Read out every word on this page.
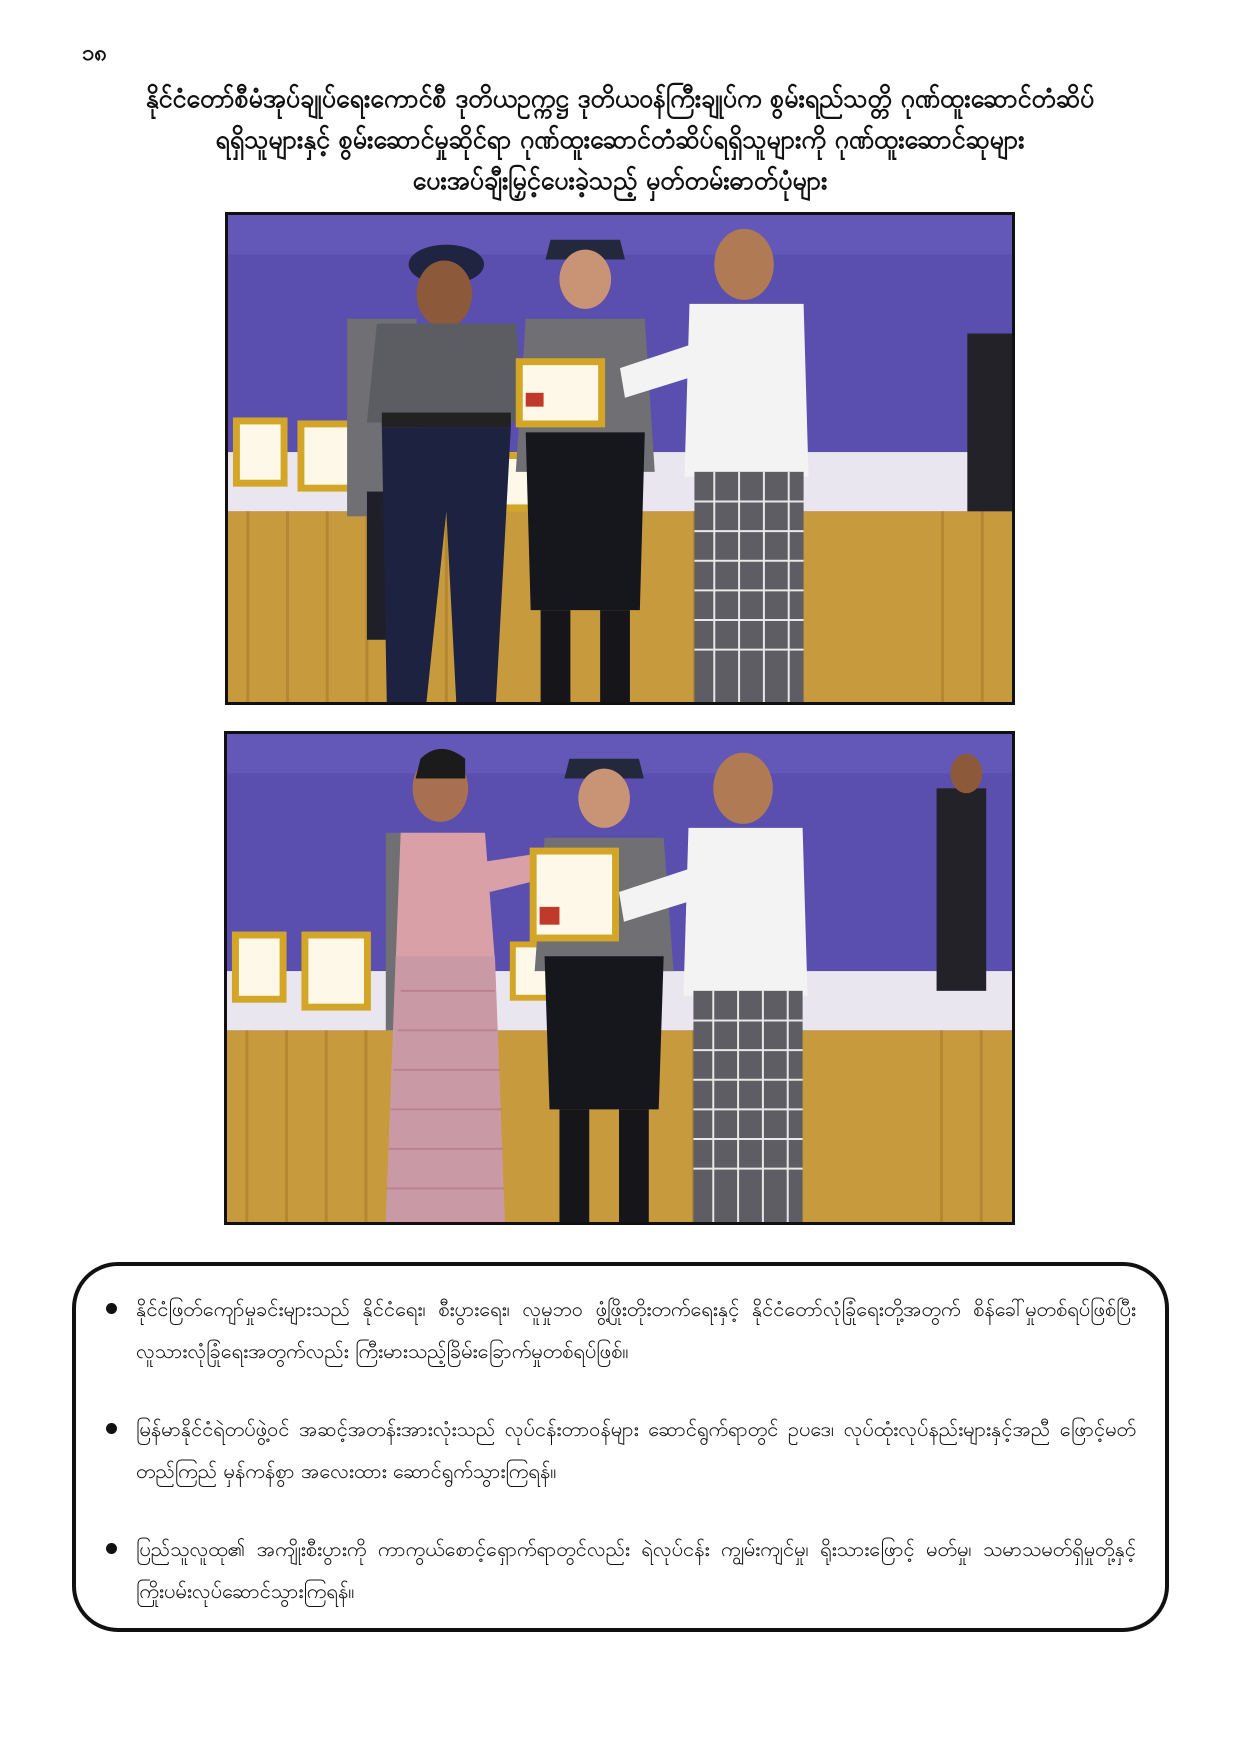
၁၈
နိုင်ငံတော်စီမံအုပ်ချုပ်ရေးကောင်စီ ဒုတိယဥက္ကဋ္ဌ ဒုတိယဝန်ကြီးချုပ်က စွမ်းရည်သတ္တိ ဂုဏ်ထူးဆောင်တံဆိပ်
ရရှိသူများနှင့် စွမ်းဆောင်မှုဆိုင်ရာ ဂုဏ်ထူးဆောင်တံဆိပ်ရရှိသူများကို ဂုဏ်ထူးဆောင်ဆုများ
ပေးအပ်ချီးမြှင့်ပေးခဲ့သည့် မှတ်တမ်းဓာတ်ပုံများ
နိုင်ငံဖြတ်ကျော်မှုခင်းများသည် နိုင်ငံရေး၊ စီးပွားရေး၊ လူမှုဘဝ ဖွံ့ဖြိုးတိုးတက်ရေးနှင့် နိုင်ငံတော်လုံခြုံရေးတို့အတွက် စိန်ခေါ်မှုတစ်ရပ်ဖြစ်ပြီး လူသားလုံခြုံရေးအတွက်လည်း ကြီးမားသည့်ခြိမ်းခြောက်မှုတစ်ရပ်ဖြစ်။
မြန်မာနိုင်ငံရဲတပ်ဖွဲ့ဝင် အဆင့်အတန်းအားလုံးသည် လုပ်ငန်းတာဝန်များ ဆောင်ရွက်ရာတွင် ဥပဒေ၊ လုပ်ထုံးလုပ်နည်းများနှင့်အညီ ဖြောင့်မတ်တည်ကြည် မှန်ကန်စွာ အလေးထား ဆောင်ရွက်သွားကြရန်။
ပြည်သူလူထု၏ အကျိုးစီးပွားကို ကာကွယ်စောင့်ရှောက်ရာတွင်လည်း ရဲလုပ်ငန်း ကျွမ်းကျင်မှု၊ ရိုးသားဖြောင့် မတ်မှု၊ သမာသမတ်ရှိမှုတို့နှင့် ကြိုးပမ်းလုပ်ဆောင်သွားကြရန်။
